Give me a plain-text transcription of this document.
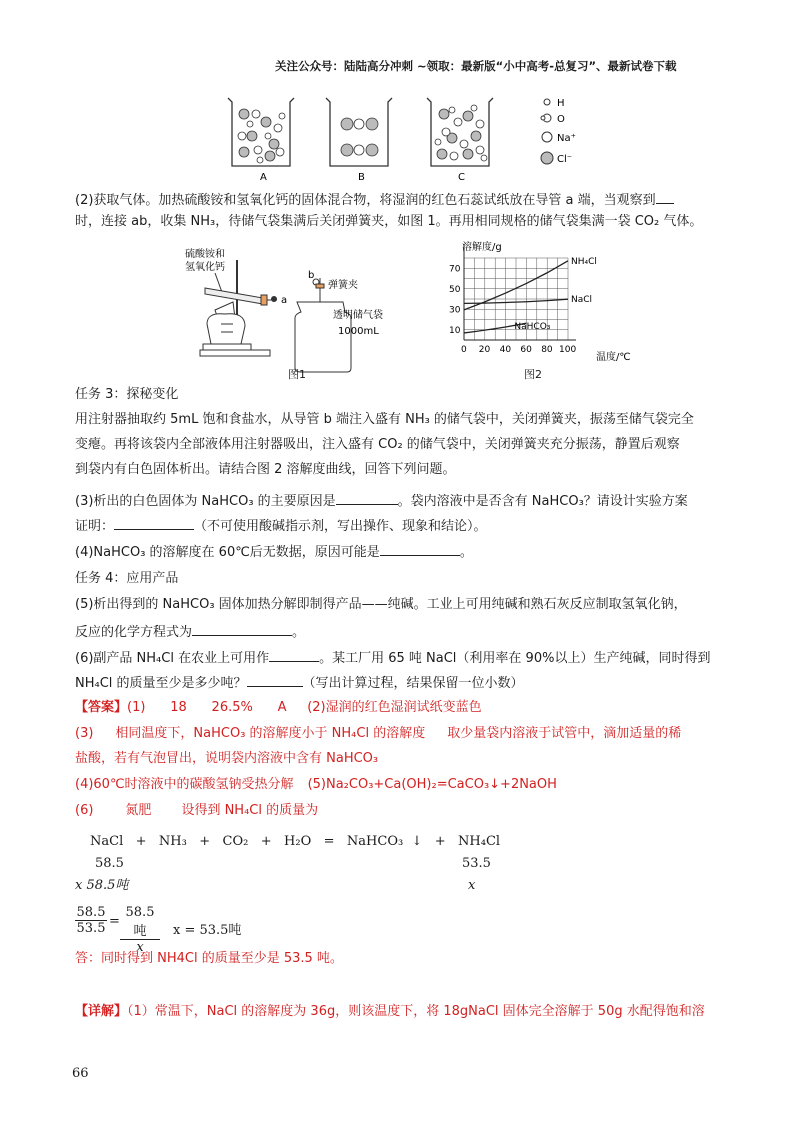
关注公众号：陆陆高分冲刺 ~领取：最新版“小中高考-总复习”、最新试卷下载
A	B	C
H
O
Na⁺
Cl⁻
(2)获取气体。加热硫酸铵和氢氧化钙的固体混合物，将湿润的红色石蕊试纸放在导管 a 端，当观察到
时，连接 ab，收集 NH₃，待储气袋集满后关闭弹簧夹，如图 1。再用相同规格的储气袋集满一袋 CO₂ 气体。
硫酸铵和
氢氧化钙
a
b
弹簧夹
透明储气袋
1000mL
图1
0 20 40 60 80 100
10
30
50
70
NH₄Cl
NaCl
NaHCO₃
溶解度/g
温度/℃
图2
任务 3：探秘变化
用注射器抽取约 5mL 饱和食盐水，从导管 b 端注入盛有 NH₃ 的储气袋中，关闭弹簧夹，振荡至储气袋完全
变瘪。再将该袋内全部液体用注射器吸出，注入盛有 CO₂ 的储气袋中，关闭弹簧夹充分振荡，静置后观察
到袋内有白色固体析出。请结合图 2 溶解度曲线，回答下列问题。
(3)析出的白色固体为 NaHCO₃ 的主要原因是	。袋内溶液中是否含有 NaHCO₃？请设计实验方案
证明：	（不可使用酸碱指示剂，写出操作、现象和结论）。
(4)NaHCO₃ 的溶解度在 60℃后无数据，原因可能是	。
任务 4：应用产品
(5)析出得到的 NaHCO₃ 固体加热分解即制得产品——纯碱。工业上可用纯碱和熟石灰反应制取氢氧化钠，
反应的化学方程式为	。
(6)副产品 NH₄Cl 在农业上可用作	。某工厂用 65 吨 NaCl（利用率在 90%以上）生产纯碱，同时得到
NH₄Cl 的质量至少是多少吨？	（写出计算过程，结果保留一位小数）
【答案】(1)      18      26.5%      A     (2)湿润的红色湿润试纸变蓝色
(3) 相同温度下，NaHCO₃ 的溶解度小于 NH₄Cl 的溶解度 取少量袋内溶液于试管中，滴加适量的稀
盐酸，若有气泡冒出，说明袋内溶液中含有 NaHCO₃
(4)60℃时溶液中的碳酸氢钠受热分解 (5)Na₂CO₃+Ca(OH)₂=CaCO₃↓+2NaOH
(6) 氮肥 设得到 NH₄Cl 的质量为
NaCl   +   NH₃   +   CO₂   +   H₂O   =   NaHCO₃  ↓   +   NH₄Cl
58.5	53.5
x 58.5吨	x
58.5
53.5 =
58.5吨
x
x = 53.5吨
答：同时得到 NH4Cl 的质量至少是 53.5 吨。
【详解】（1）常温下，NaCl 的溶解度为 36g，则该温度下，将 18gNaCl 固体完全溶解于 50g 水配得饱和溶
66
